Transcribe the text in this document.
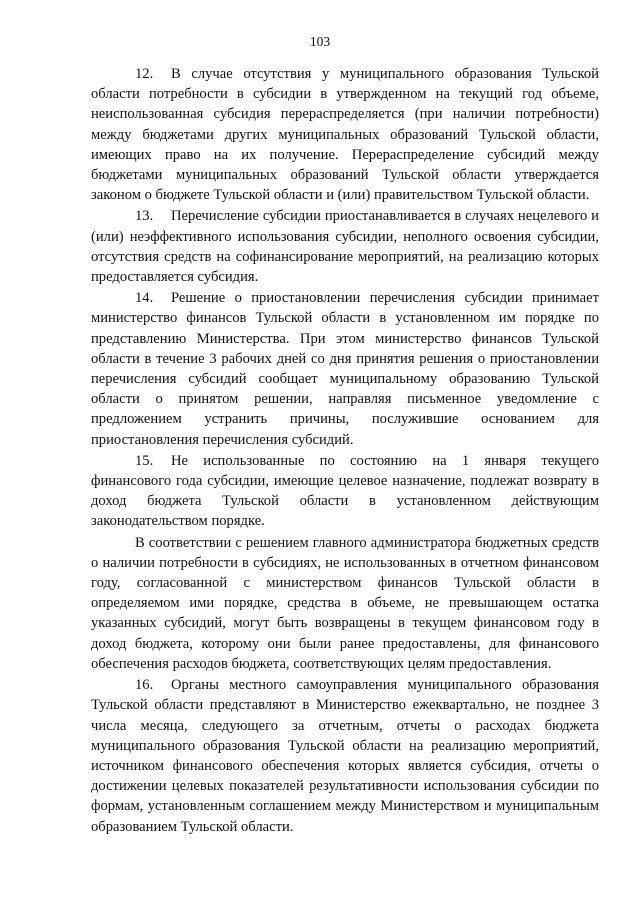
103

12. В случае отсутствия у муниципального образования Тульской области потребности в субсидии в утвержденном на текущий год объеме, неиспользованная субсидия перераспределяется (при наличии потребности) между бюджетами других муниципальных образований Тульской области, имеющих право на их получение. Перераспределение субсидий между бюджетами муниципальных образований Тульской области утверждается законом о бюджете Тульской области и (или) правительством Тульской области.

13. Перечисление субсидии приостанавливается в случаях нецелевого и (или) неэффективного использования субсидии, неполного освоения субсидии, отсутствия средств на софинансирование мероприятий, на реализацию которых предоставляется субсидия.

14. Решение о приостановлении перечисления субсидии принимает министерство финансов Тульской области в установленном им порядке по представлению Министерства. При этом министерство финансов Тульской области в течение 3 рабочих дней со дня принятия решения о приостановлении перечисления субсидий сообщает муниципальному образованию Тульской области о принятом решении, направляя письменное уведомление с предложением устранить причины, послужившие основанием для приостановления перечисления субсидий.

15. Не использованные по состоянию на 1 января текущего финансового года субсидии, имеющие целевое назначение, подлежат возврату в доход бюджета Тульской области в установленном действующим законодательством порядке.

В соответствии с решением главного администратора бюджетных средств о наличии потребности в субсидиях, не использованных в отчетном финансовом году, согласованной с министерством финансов Тульской области в определяемом ими порядке, средства в объеме, не превышающем остатка указанных субсидий, могут быть возвращены в текущем финансовом году в доход бюджета, которому они были ранее предоставлены, для финансового обеспечения расходов бюджета, соответствующих целям предоставления.

16. Органы местного самоуправления муниципального образования Тульской области представляют в Министерство ежеквартально, не позднее 3 числа месяца, следующего за отчетным, отчеты о расходах бюджета муниципального образования Тульской области на реализацию мероприятий, источником финансового обеспечения которых является субсидия, отчеты о достижении целевых показателей результативности использования субсидии по формам, установленным соглашением между Министерством и муниципальным образованием Тульской области.
